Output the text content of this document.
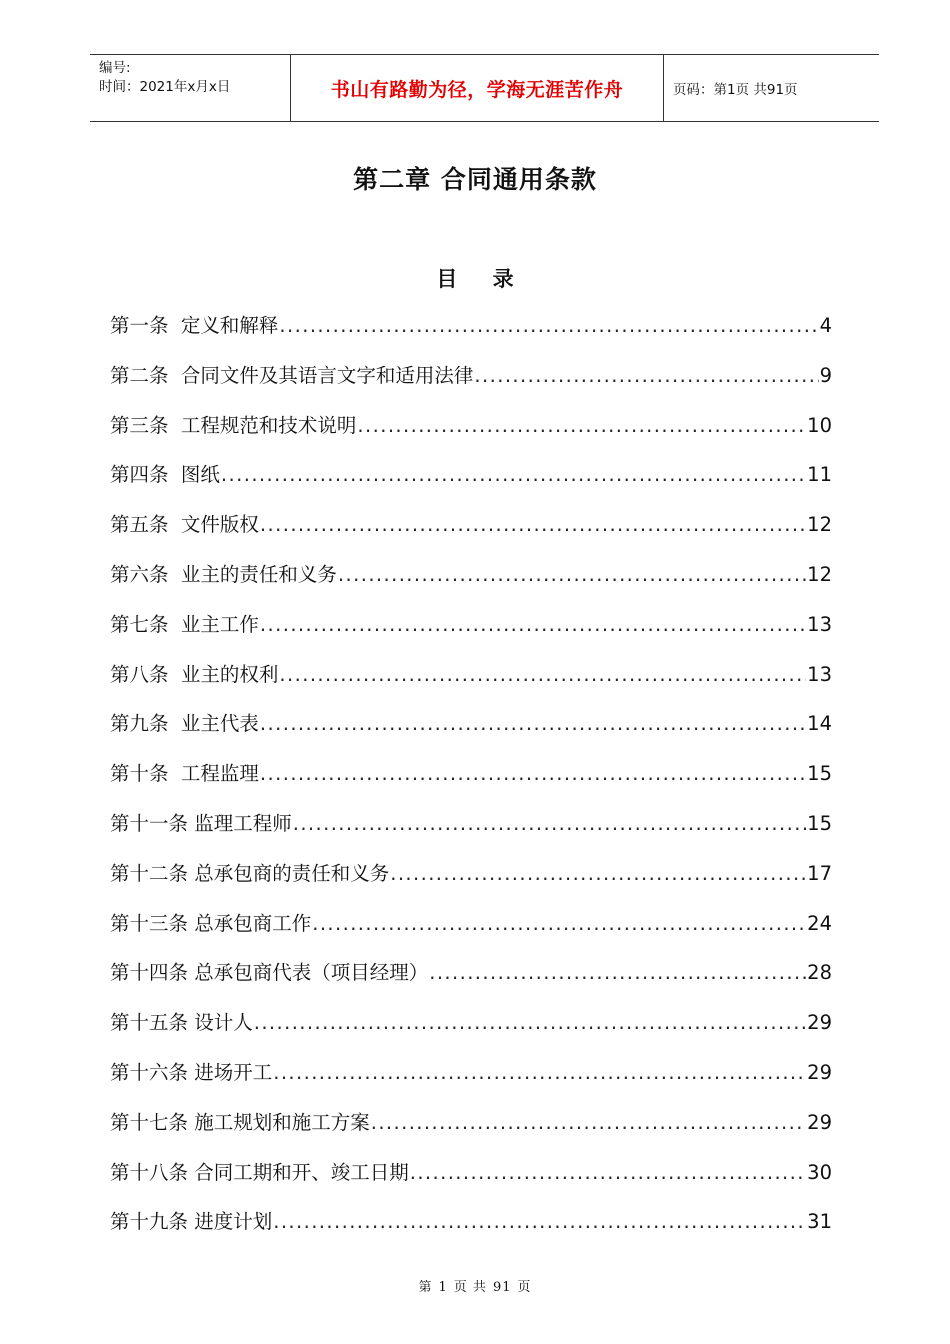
编号:
时间：2021年x月x日	书山有路勤为径，学海无涯苦作舟	页码：第1页 共91页
第二章 合同通用条款
目 录
第一条 定义和解释 .....	4
第二条 合同文件及其语言文字和适用法律 .....	9
第三条 工程规范和技术说明 .....	10
第四条 图纸 .....	11
第五条 文件版权 .....	12
第六条 业主的责任和义务 .....	12
第七条 业主工作 .....	13
第八条 业主的权利 .....	13
第九条 业主代表 .....	14
第十条 工程监理 .....	15
第十一条 监理工程师 .....	15
第十二条 总承包商的责任和义务 .....	17
第十三条 总承包商工作 .....	24
第十四条 总承包商代表（项目经理） .....	28
第十五条 设计人 .....	29
第十六条 进场开工 .....	29
第十七条 施工规划和施工方案 .....	29
第十八条 合同工期和开、竣工日期 .....	30
第十九条 进度计划 .....	31
第 1 页 共 91 页
